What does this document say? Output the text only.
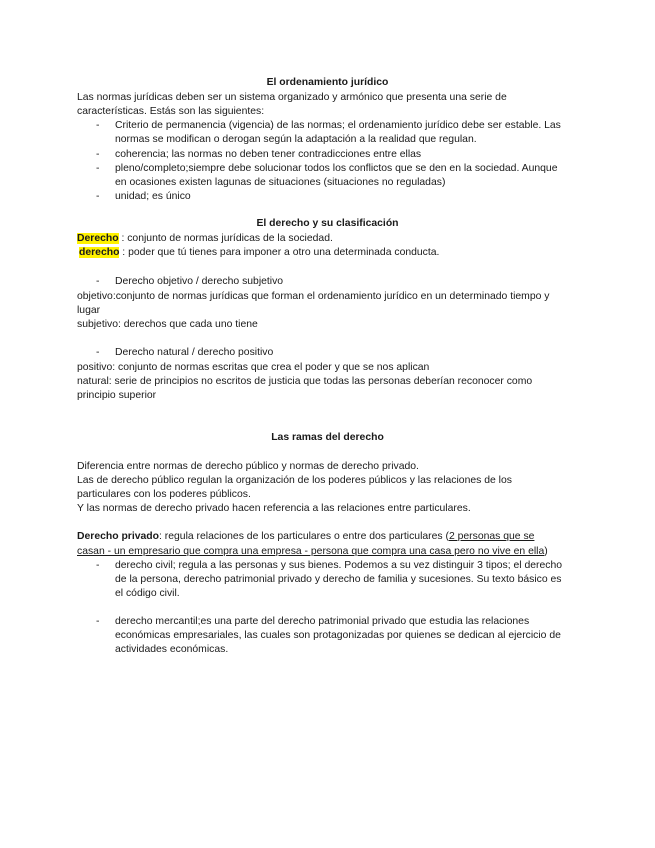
El ordenamiento jurídico
Las normas jurídicas deben ser un sistema organizado y armónico que presenta una serie de
características. Estás son las siguientes:
- Criterio de permanencia (vigencia) de las normas; el ordenamiento jurídico debe ser estable. Las
normas se modifican o derogan según la adaptación a la realidad que regulan.
- coherencia; las normas no deben tener contradicciones entre ellas
- pleno/completo;siempre debe solucionar todos los conflictos que se den en la sociedad. Aunque
en ocasiones existen lagunas de situaciones (situaciones no reguladas)
- unidad; es único
El derecho y su clasificación
Derecho : conjunto de normas jurídicas de la sociedad.
derecho : poder que tú tienes para imponer a otro una determinada conducta.
- Derecho objetivo / derecho subjetivo
objetivo:conjunto de normas jurídicas que forman el ordenamiento jurídico en un determinado tiempo y
lugar
subjetivo: derechos que cada uno tiene
- Derecho natural / derecho positivo
positivo: conjunto de normas escritas que crea el poder y que se nos aplican
natural: serie de principios no escritos de justicia que todas las personas deberían reconocer como
principio superior
Las ramas del derecho
Diferencia entre normas de derecho público y normas de derecho privado.
Las de derecho público regulan la organización de los poderes públicos y las relaciones de los
particulares con los poderes públicos.
Y las normas de derecho privado hacen referencia a las relaciones entre particulares.
Derecho privado: regula relaciones de los particulares o entre dos particulares (2 personas que se
casan - un empresario que compra una empresa - persona que compra una casa pero no vive en ella)
- derecho civil; regula a las personas y sus bienes. Podemos a su vez distinguir 3 tipos; el derecho
de la persona, derecho patrimonial privado y derecho de familia y sucesiones. Su texto básico es
el código civil.
- derecho mercantil;es una parte del derecho patrimonial privado que estudia las relaciones
económicas empresariales, las cuales son protagonizadas por quienes se dedican al ejercicio de
actividades económicas.
